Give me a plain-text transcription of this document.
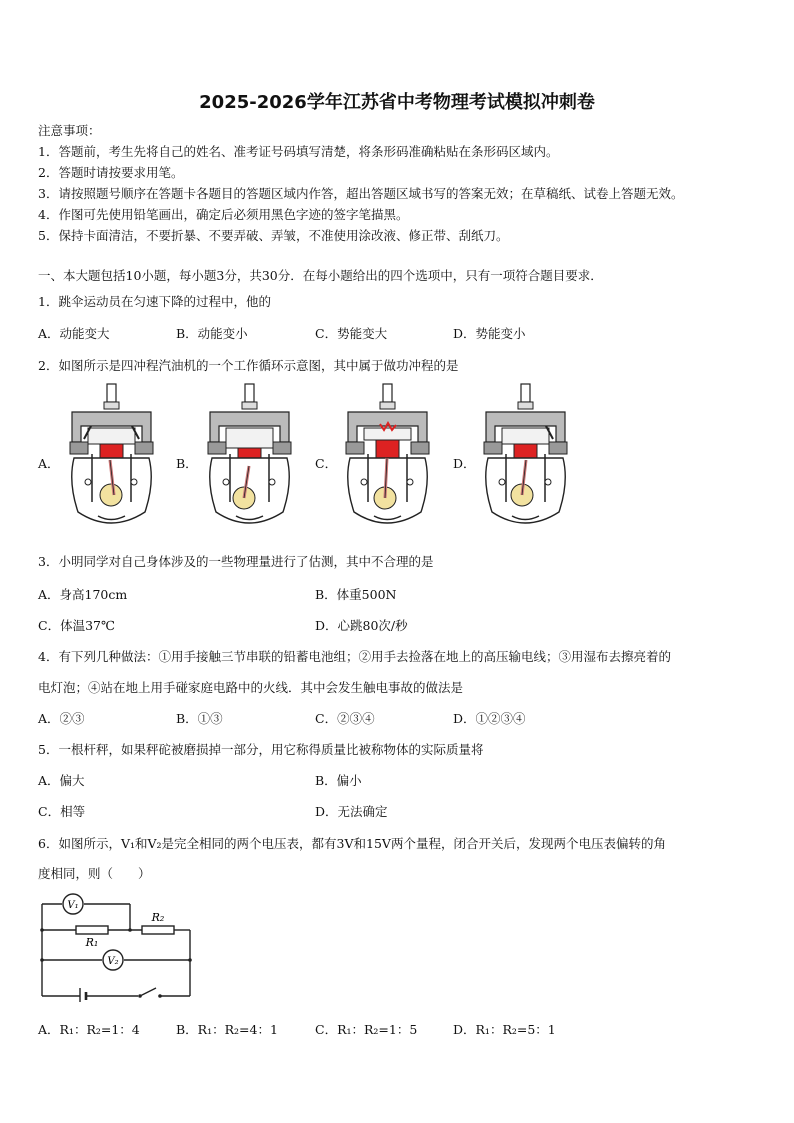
2025-2026学年江苏省中考物理考试模拟冲刺卷
注意事项：
1．答题前，考生先将自己的姓名、准考证号码填写清楚，将条形码准确粘贴在条形码区域内。
2．答题时请按要求用笔。
3．请按照题号顺序在答题卡各题目的答题区域内作答，超出答题区域书写的答案无效；在草稿纸、试卷上答题无效。
4．作图可先使用铅笔画出，确定后必须用黑色字迹的签字笔描黑。
5．保持卡面清洁，不要折暴、不要弄破、弄皱，不准使用涂改液、修正带、刮纸刀。
一、本大题包括10小题，每小题3分，共30分．在每小题给出的四个选项中，只有一项符合题目要求．
1．跳伞运动员在匀速下降的过程中，他的
A．动能变大	B．动能变小	C．势能变大	D．势能变小
2．如图所示是四冲程汽油机的一个工作循环示意图，其中属于做功冲程的是
A．	B．	C．	D．
3．小明同学对自己身体涉及的一些物理量进行了估测，其中不合理的是
A．身高170cm	B．体重500N
C．体温37℃	D．心跳80次/秒
4．有下列几种做法：①用手接触三节串联的铅蓄电池组；②用手去捡落在地上的高压输电线；③用湿布去擦亮着的
电灯泡；④站在地上用手碰家庭电路中的火线．其中会发生触电事故的做法是
A．②③	B．①③	C．②③④	D．①②③④
5．一根杆秤，如果秤砣被磨损掉一部分，用它称得质量比被称物体的实际质量将
A．偏大	B．偏小
C．相等	D．无法确定
6．如图所示，V₁和V₂是完全相同的两个电压表，都有3V和15V两个量程，闭合开关后，发现两个电压表偏转的角
度相同，则（　　）
V₁
V₂
R₁
R₂
A．R₁：R₂=1：4	B．R₁：R₂=4：1	C．R₁：R₂=1：5	D．R₁：R₂=5：1
